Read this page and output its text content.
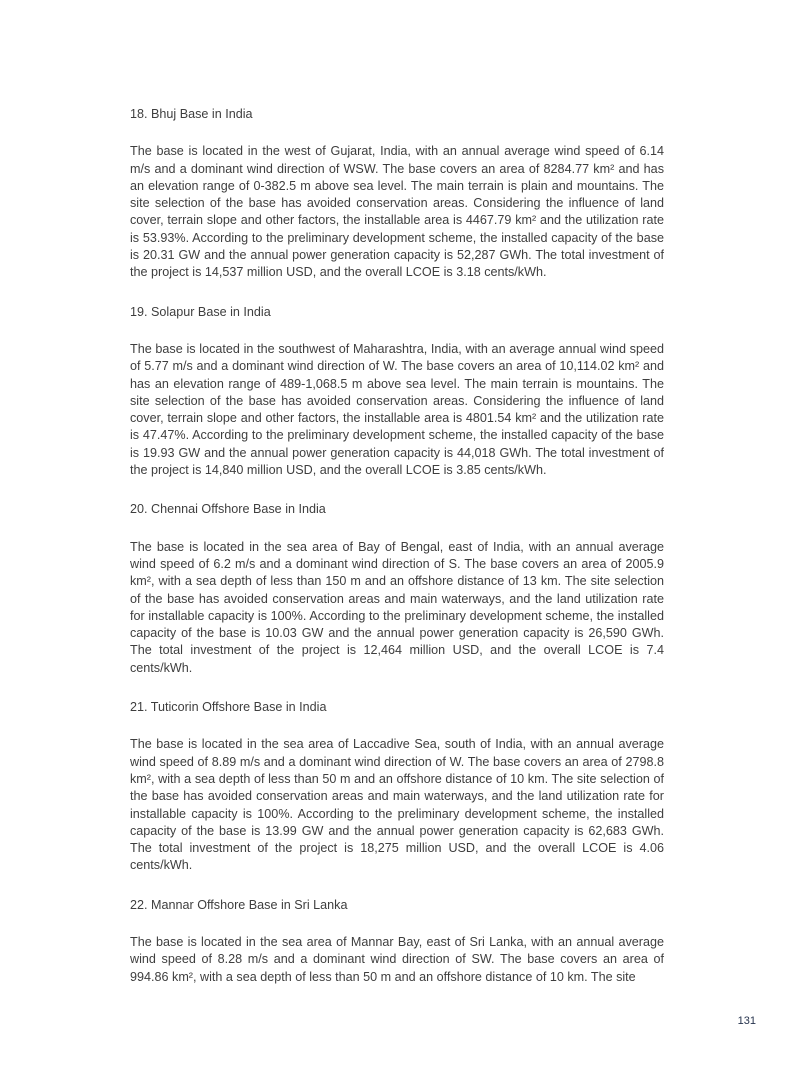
18. Bhuj Base in India

The base is located in the west of Gujarat, India, with an annual average wind speed of 6.14 m/s and a dominant wind direction of WSW. The base covers an area of 8284.77 km² and has an elevation range of 0-382.5 m above sea level. The main terrain is plain and mountains. The site selection of the base has avoided conservation areas. Considering the influence of land cover, terrain slope and other factors, the installable area is 4467.79 km² and the utilization rate is 53.93%. According to the preliminary development scheme, the installed capacity of the base is 20.31 GW and the annual power generation capacity is 52,287 GWh. The total investment of the project is 14,537 million USD, and the overall LCOE is 3.18 cents/kWh.

19. Solapur Base in India

The base is located in the southwest of Maharashtra, India, with an average annual wind speed of 5.77 m/s and a dominant wind direction of W. The base covers an area of 10,114.02 km² and has an elevation range of 489-1,068.5 m above sea level. The main terrain is mountains. The site selection of the base has avoided conservation areas. Considering the influence of land cover, terrain slope and other factors, the installable area is 4801.54 km² and the utilization rate is 47.47%. According to the preliminary development scheme, the installed capacity of the base is 19.93 GW and the annual power generation capacity is 44,018 GWh. The total investment of the project is 14,840 million USD, and the overall LCOE is 3.85 cents/kWh.

20. Chennai Offshore Base in India

The base is located in the sea area of Bay of Bengal, east of India, with an annual average wind speed of 6.2 m/s and a dominant wind direction of S. The base covers an area of 2005.9 km², with a sea depth of less than 150 m and an offshore distance of 13 km. The site selection of the base has avoided conservation areas and main waterways, and the land utilization rate for installable capacity is 100%. According to the preliminary development scheme, the installed capacity of the base is 10.03 GW and the annual power generation capacity is 26,590 GWh. The total investment of the project is 12,464 million USD, and the overall LCOE is 7.4 cents/kWh.

21. Tuticorin Offshore Base in India

The base is located in the sea area of Laccadive Sea, south of India, with an annual average wind speed of 8.89 m/s and a dominant wind direction of W. The base covers an area of 2798.8 km², with a sea depth of less than 50 m and an offshore distance of 10 km. The site selection of the base has avoided conservation areas and main waterways, and the land utilization rate for installable capacity is 100%. According to the preliminary development scheme, the installed capacity of the base is 13.99 GW and the annual power generation capacity is 62,683 GWh. The total investment of the project is 18,275 million USD, and the overall LCOE is 4.06 cents/kWh.

22. Mannar Offshore Base in Sri Lanka

The base is located in the sea area of Mannar Bay, east of Sri Lanka, with an annual average wind speed of 8.28 m/s and a dominant wind direction of SW. The base covers an area of 994.86 km², with a sea depth of less than 50 m and an offshore distance of 10 km. The site

131
